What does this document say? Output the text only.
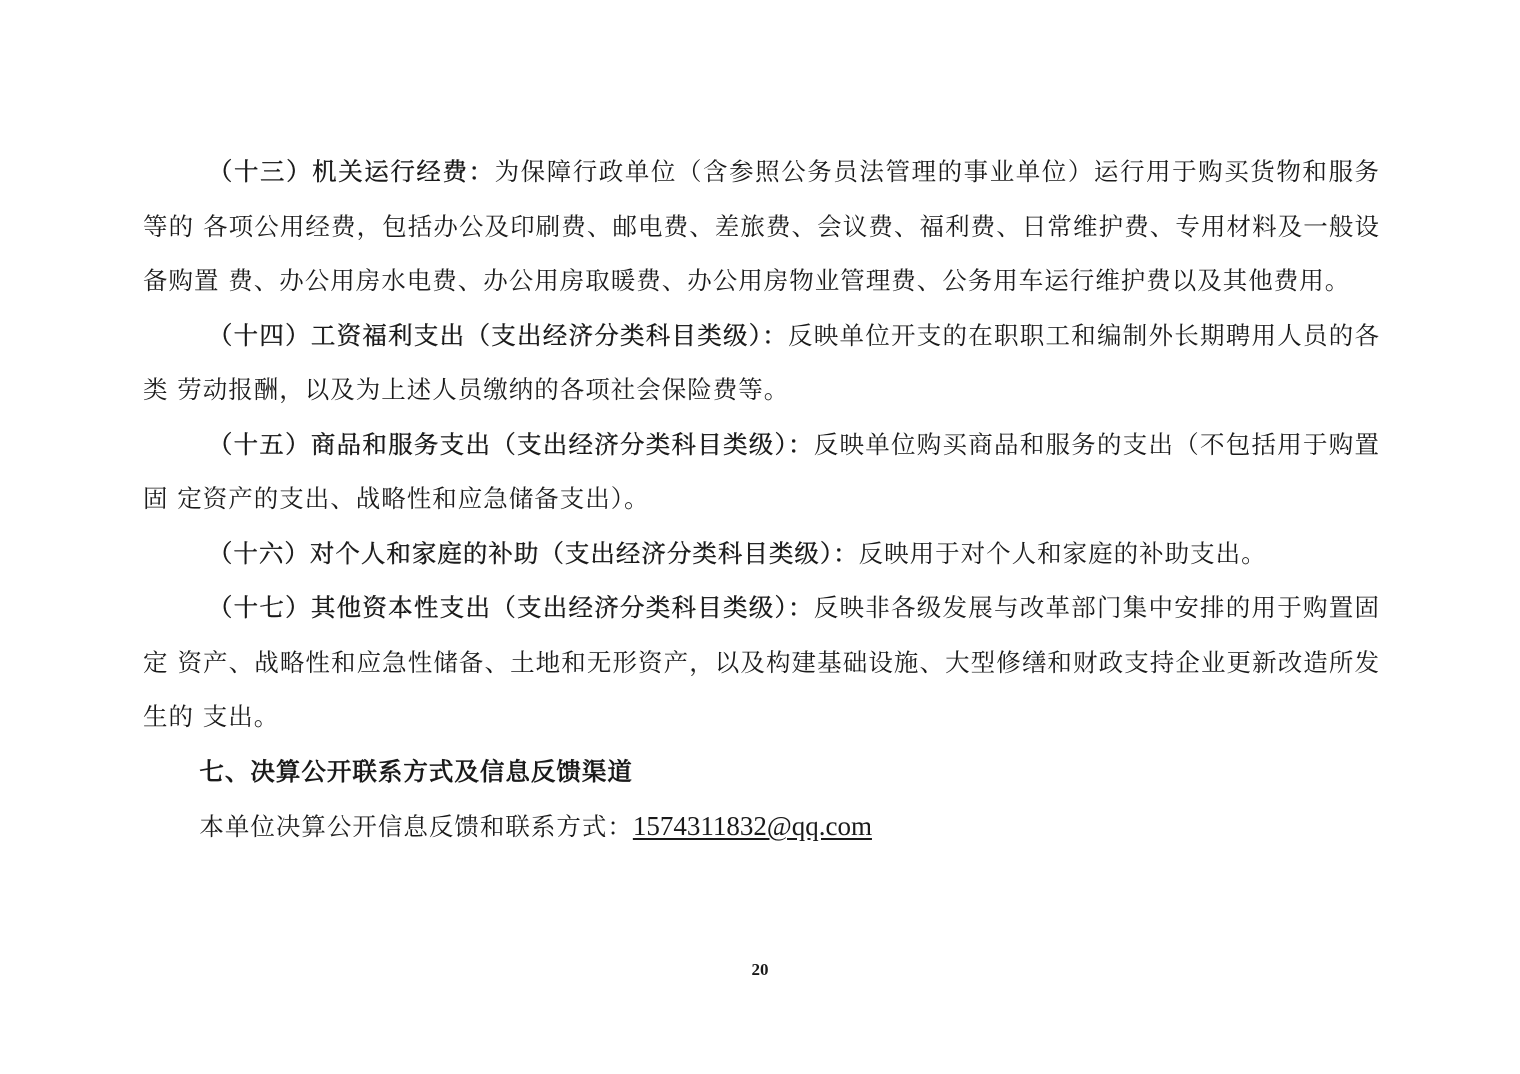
（十三）机关运行经费：为保障行政单位（含参照公务员法管理的事业单位）运行用于购买货物和服务等的 各项公用经费，包括办公及印刷费、邮电费、差旅费、会议费、福利费、日常维护费、专用材料及一般设备购置 费、办公用房水电费、办公用房取暖费、办公用房物业管理费、公务用车运行维护费以及其他费用。

（十四）工资福利支出（支出经济分类科目类级）：反映单位开支的在职职工和编制外长期聘用人员的各类 劳动报酬，以及为上述人员缴纳的各项社会保险费等。

（十五）商品和服务支出（支出经济分类科目类级）：反映单位购买商品和服务的支出（不包括用于购置固 定资产的支出、战略性和应急储备支出）。

（十六）对个人和家庭的补助（支出经济分类科目类级）：反映用于对个人和家庭的补助支出。

（十七）其他资本性支出（支出经济分类科目类级）：反映非各级发展与改革部门集中安排的用于购置固定 资产、战略性和应急性储备、土地和无形资产，以及构建基础设施、大型修缮和财政支持企业更新改造所发生的 支出。

七、决算公开联系方式及信息反馈渠道

本单位决算公开信息反馈和联系方式：1574311832@qq.com

20
